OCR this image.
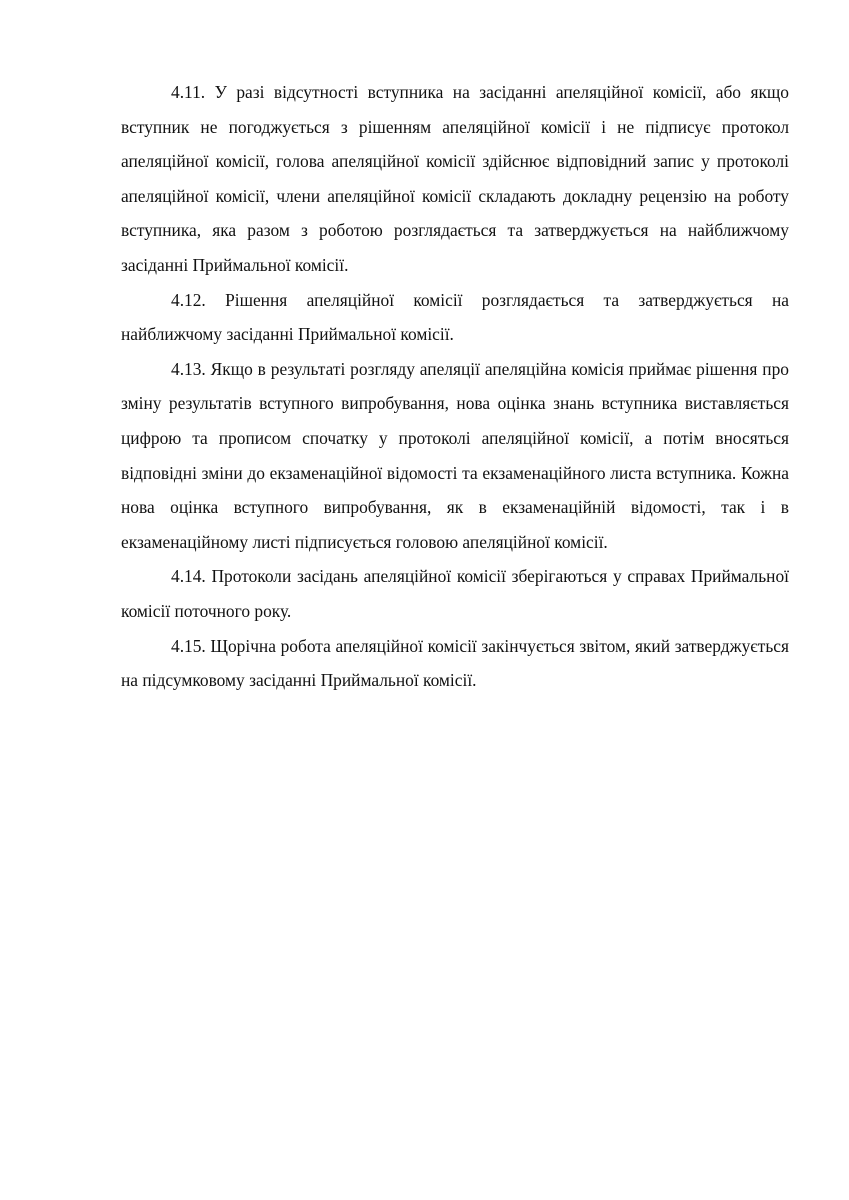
4.11. У разі відсутності вступника на засіданні апеляційної комісії, або якщо вступник не погоджується з рішенням апеляційної комісії і не підписує протокол апеляційної комісії, голова апеляційної комісії здійснює відповідний запис у протоколі апеляційної комісії, члени апеляційної комісії складають докладну рецензію на роботу вступника, яка разом з роботою розглядається та затверджується на найближчому засіданні Приймальної комісії.

4.12. Рішення апеляційної комісії розглядається та затверджується на найближчому засіданні Приймальної комісії.

4.13. Якщо в результаті розгляду апеляції апеляційна комісія приймає рішення про зміну результатів вступного випробування, нова оцінка знань вступника виставляється цифрою та прописом спочатку у протоколі апеляційної комісії, а потім вносяться відповідні зміни до екзаменаційної відомості та екзаменаційного листа вступника. Кожна нова оцінка вступного випробування, як в екзаменаційній відомості, так і в екзаменаційному листі підписується головою апеляційної комісії.

4.14. Протоколи засідань апеляційної комісії зберігаються у справах Приймальної комісії поточного року.

4.15. Щорічна робота апеляційної комісії закінчується звітом, який затверджується на підсумковому засіданні Приймальної комісії.
